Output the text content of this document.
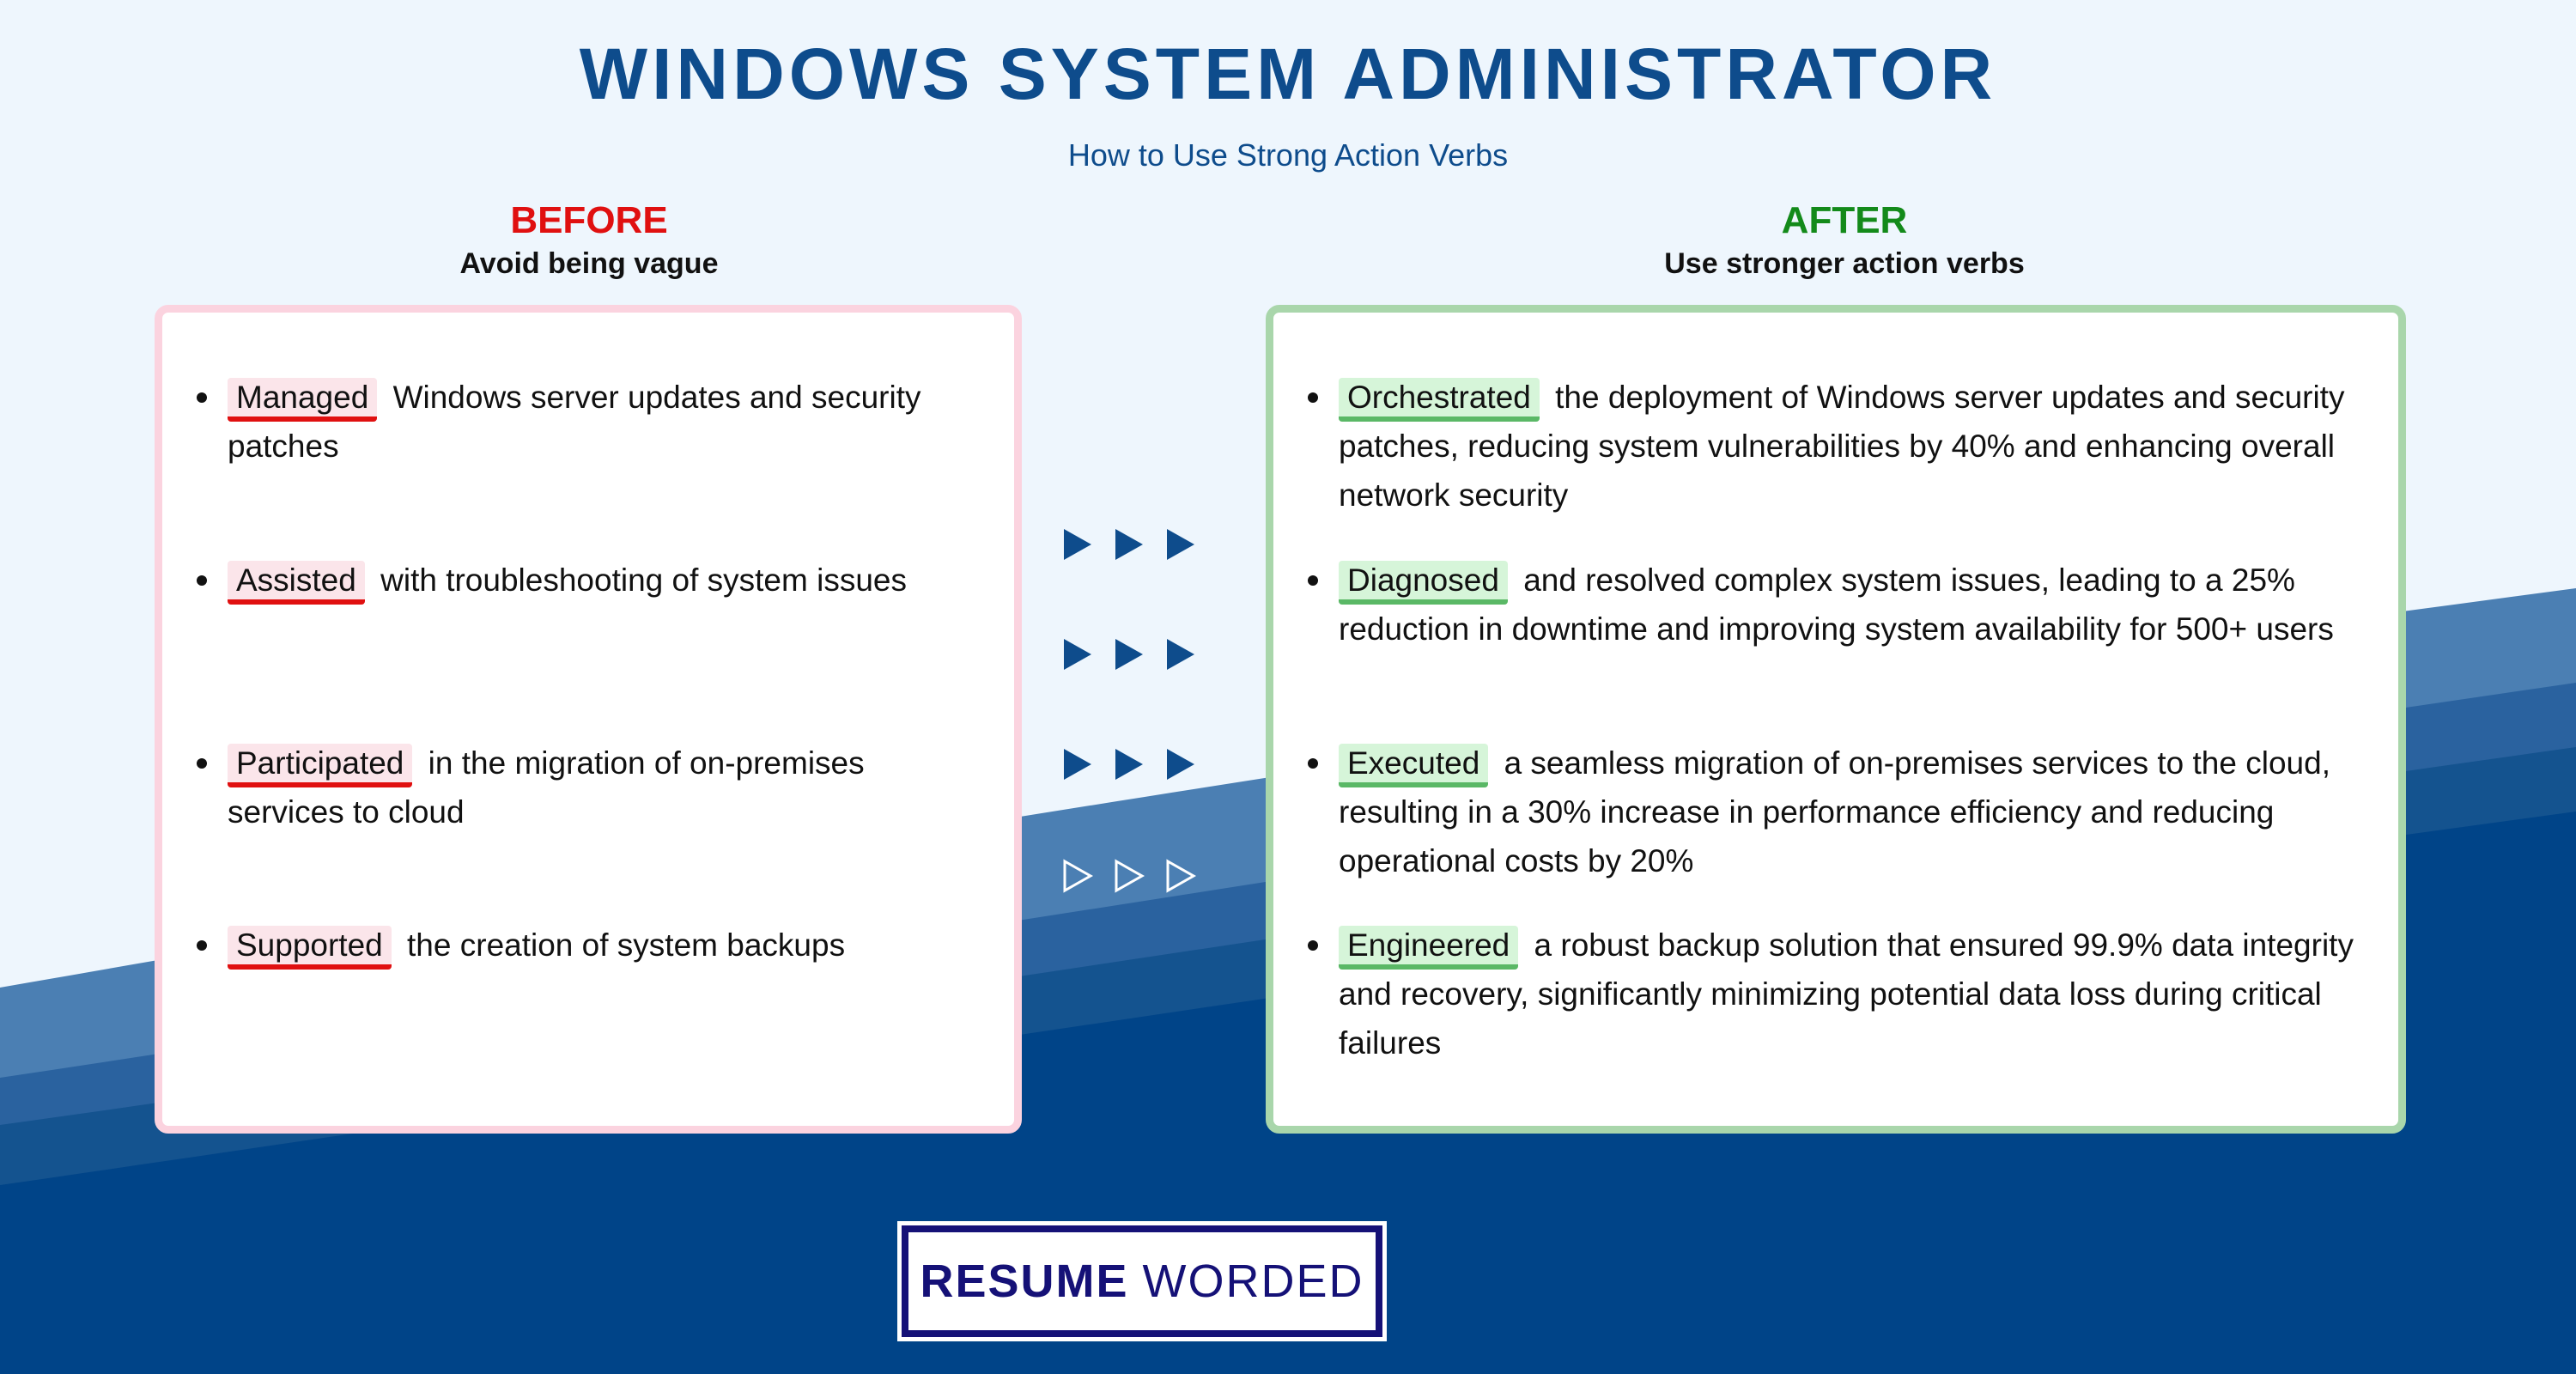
WINDOWS SYSTEM ADMINISTRATOR
How to Use Strong Action Verbs
BEFORE
Avoid being vague
AFTER
Use stronger action verbs
Managed Windows server updates and security patches
Assisted with troubleshooting of system issues
Participated in the migration of on-premises services to cloud
Supported the creation of system backups
Orchestrated the deployment of Windows server updates and security patches, reducing system vulnerabilities by 40% and enhancing overall network security
Diagnosed and resolved complex system issues, leading to a 25% reduction in downtime and improving system availability for 500+ users
Executed a seamless migration of on-premises services to the cloud, resulting in a 30% increase in performance efficiency and reducing operational costs by 20%
Engineered a robust backup solution that ensured 99.9% data integrity and recovery, significantly minimizing potential data loss during critical failures
RESUME WORDED
